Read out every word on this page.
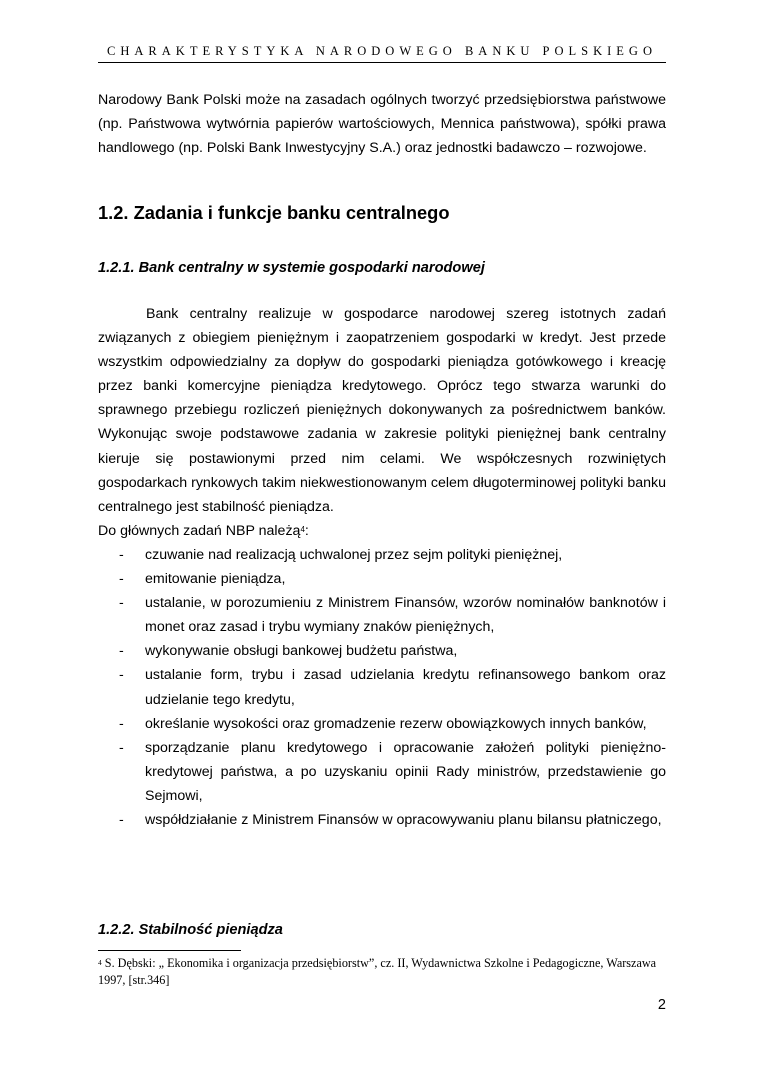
CHARAKTERYSTYKA NARODOWEGO BANKU POLSKIEGO

Narodowy Bank Polski może na zasadach ogólnych tworzyć przedsiębiorstwa państwowe (np. Państwowa wytwórnia papierów wartościowych, Mennica państwowa), spółki prawa handlowego (np. Polski Bank Inwestycyjny S.A.) oraz jednostki badawczo – rozwojowe.

1.2. Zadania i funkcje banku centralnego
1.2.1. Bank centralny w systemie gospodarki narodowej

Bank centralny realizuje w gospodarce narodowej szereg istotnych zadań związanych z obiegiem pieniężnym i zaopatrzeniem gospodarki w kredyt. Jest przede wszystkim odpowiedzialny za dopływ do gospodarki pieniądza gotówkowego i kreację przez banki komercyjne pieniądza kredytowego. Oprócz tego stwarza warunki do sprawnego przebiegu rozliczeń pieniężnych dokonywanych za pośrednictwem banków. Wykonując swoje podstawowe zadania w zakresie polityki pieniężnej bank centralny kieruje się postawionymi przed nim celami. We współczesnych rozwiniętych gospodarkach rynkowych takim niekwestionowanym celem długoterminowej polityki banku centralnego jest stabilność pieniądza.

Do głównych zadań NBP należą$^4$:
- czuwanie nad realizacją uchwalonej przez sejm polityki pieniężnej,
- emitowanie pieniądza,
- ustalanie, w porozumieniu z Ministrem Finansów, wzorów nominałów banknotów i monet oraz zasad i trybu wymiany znaków pieniężnych,
- wykonywanie obsługi bankowej budżetu państwa,
- ustalanie form, trybu i zasad udzielania kredytu refinansowego bankom oraz udzielanie tego kredytu,
- określanie wysokości oraz gromadzenie rezerw obowiązkowych innych banków,
- sporządzanie planu kredytowego i opracowanie założeń polityki pieniężno-kredytowej państwa, a po uzyskaniu opinii Rady ministrów, przedstawienie go Sejmowi,
- współdziałanie z Ministrem Finansów w opracowywaniu planu bilansu płatniczego,
1.2.2. Stabilność pieniądza
$^4$ S. Dębski: „ Ekonomika i organizacja przedsiębiorstw”, cz. II, Wydawnictwa Szkolne i Pedagogiczne, Warszawa 1997, [str.346]
2
